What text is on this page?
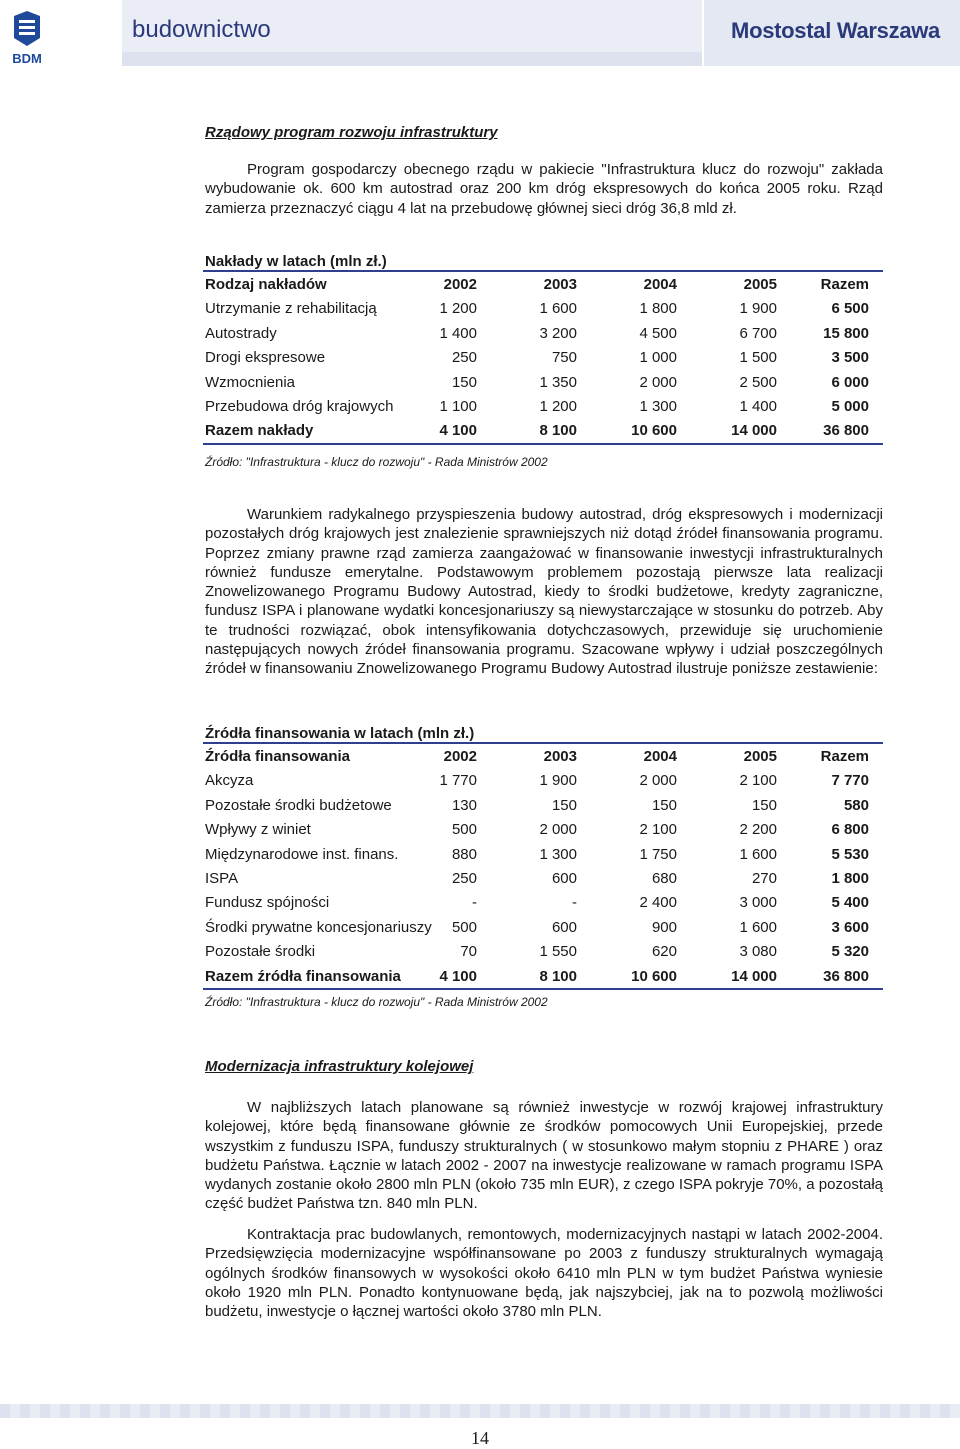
BDM
budownictwo	Mostostal Warszawa
Rządowy program rozwoju infrastruktury

Program gospodarczy obecnego rządu w pakiecie "Infrastruktura klucz do rozwoju" zakłada wybudowanie ok. 600 km autostrad oraz 200 km dróg ekspresowych do końca 2005 roku. Rząd zamierza przeznaczyć ciągu 4 lat na przebudowę głównej sieci dróg 36,8 mld zł.

Nakłady w latach (mln zł.)
Rodzaj nakładów	2002	2003	2004	2005	Razem
Utrzymanie z rehabilitacją	1 200	1 600	1 800	1 900	6 500
Autostrady	1 400	3 200	4 500	6 700	15 800
Drogi ekspresowe	250	750	1 000	1 500	3 500
Wzmocnienia	150	1 350	2 000	2 500	6 000
Przebudowa dróg krajowych	1 100	1 200	1 300	1 400	5 000
Razem nakłady	4 100	8 100	10 600	14 000	36 800
Źródło: "Infrastruktura - klucz do rozwoju" - Rada Ministrów 2002

Warunkiem radykalnego przyspieszenia budowy autostrad, dróg ekspresowych i modernizacji pozostałych dróg krajowych jest znalezienie sprawniejszych niż dotąd źródeł finansowania programu. Poprzez zmiany prawne rząd zamierza zaangażować w finansowanie inwestycji infrastrukturalnych również fundusze emerytalne. Podstawowym problemem pozostają pierwsze lata realizacji Znowelizowanego Programu Budowy Autostrad, kiedy to środki budżetowe, kredyty zagraniczne, fundusz ISPA i planowane wydatki koncesjonariuszy są niewystarczające w stosunku do potrzeb. Aby te trudności rozwiązać, obok intensyfikowania dotychczasowych, przewiduje się uruchomienie następujących nowych źródeł finansowania programu. Szacowane wpływy i udział poszczególnych źródeł w finansowaniu Znowelizowanego Programu Budowy Autostrad ilustruje poniższe zestawienie:

Źródła finansowania w latach (mln zł.)
Źródła finansowania	2002	2003	2004	2005	Razem
Akcyza	1 770	1 900	2 000	2 100	7 770
Pozostałe środki budżetowe	130	150	150	150	580
Wpływy z winiet	500	2 000	2 100	2 200	6 800
Międzynarodowe inst. finans.	880	1 300	1 750	1 600	5 530
ISPA	250	600	680	270	1 800
Fundusz spójności	-	-	2 400	3 000	5 400
Środki prywatne koncesjonariuszy 500	600	900	1 600	3 600
Pozostałe środki	70	1 550	620	3 080	5 320
Razem źródła finansowania	4 100	8 100	10 600	14 000	36 800
Źródło: "Infrastruktura - klucz do rozwoju" - Rada Ministrów 2002
Modernizacja infrastruktury kolejowej

W najbliższych latach planowane są również inwestycje w rozwój krajowej infrastruktury kolejowej, które będą finansowane głównie ze środków pomocowych Unii Europejskiej, przede wszystkim z funduszu ISPA, funduszy strukturalnych ( w stosunkowo małym stopniu z PHARE ) oraz budżetu Państwa. Łącznie w latach 2002 - 2007 na inwestycje realizowane w ramach programu ISPA wydanych zostanie około 2800 mln PLN (około 735 mln EUR), z czego ISPA pokryje 70%, a pozostałą część budżet Państwa tzn. 840 mln PLN.

Kontraktacja prac budowlanych, remontowych, modernizacyjnych nastąpi w latach 2002-2004. Przedsięwzięcia modernizacyjne współfinansowane po 2003 z funduszy strukturalnych wymagają ogólnych środków finansowych w wysokości około 6410 mln PLN w tym budżet Państwa wyniesie około 1920 mln PLN. Ponadto kontynuowane będą, jak najszybciej, jak na to pozwolą możliwości budżetu, inwestycje o łącznej wartości około 3780 mln PLN.

14
